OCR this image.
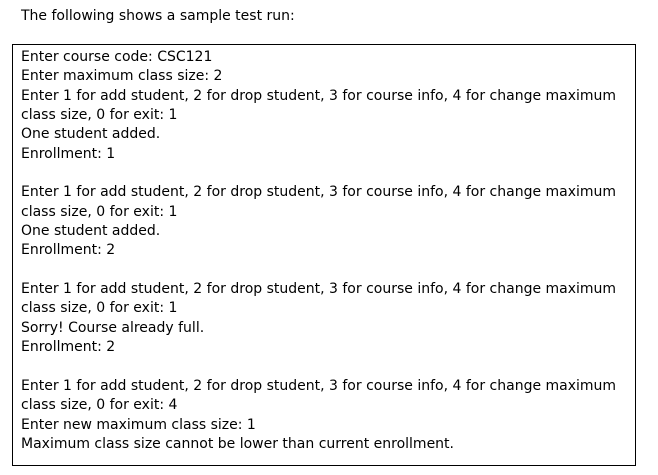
The following shows a sample test run:
Enter course code: CSC121
Enter maximum class size: 2
Enter 1 for add student, 2 for drop student, 3 for course info, 4 for change maximum
class size, 0 for exit: 1
One student added.
Enrollment: 1
Enter 1 for add student, 2 for drop student, 3 for course info, 4 for change maximum
class size, 0 for exit: 1
One student added.
Enrollment: 2
Enter 1 for add student, 2 for drop student, 3 for course info, 4 for change maximum
class size, 0 for exit: 1
Sorry! Course already full.
Enrollment: 2
Enter 1 for add student, 2 for drop student, 3 for course info, 4 for change maximum
class size, 0 for exit: 4
Enter new maximum class size: 1
Maximum class size cannot be lower than current enrollment.
